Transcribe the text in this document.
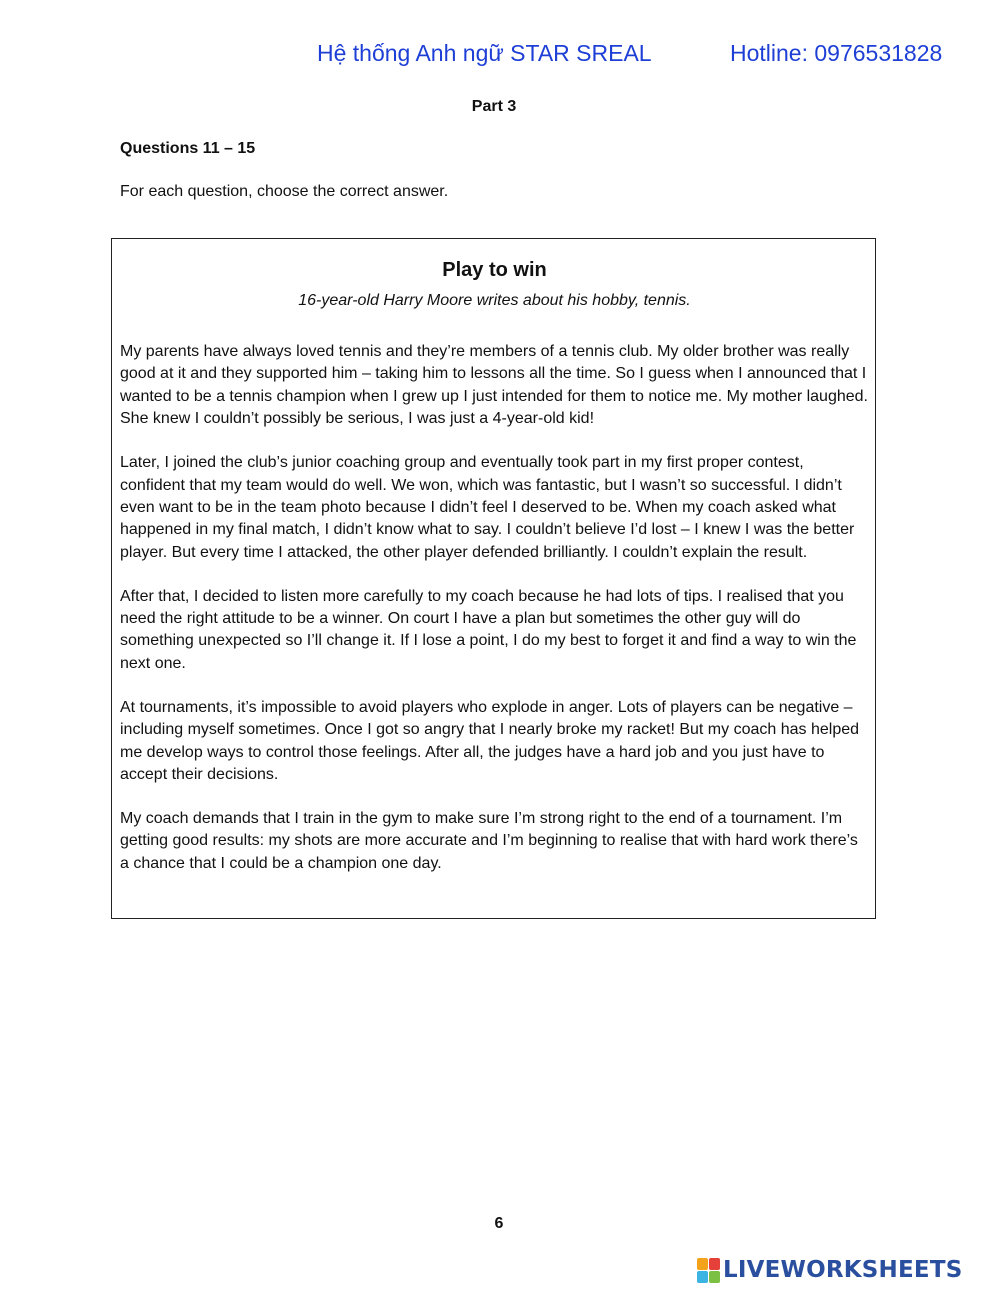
Hệ thống Anh ngữ STAR SREAL	Hotline: 0976531828
Part 3
Questions 11 – 15
For each question, choose the correct answer.
Play to win
16-year-old Harry Moore writes about his hobby, tennis.

My parents have always loved tennis and they’re members of a tennis club. My older brother was really good at it and they supported him – taking him to lessons all the time. So I guess when I announced that I wanted to be a tennis champion when I grew up I just intended for them to notice me. My mother laughed. She knew I couldn’t possibly be serious, I was just a 4-year-old kid!

Later, I joined the club’s junior coaching group and eventually took part in my first proper contest, confident that my team would do well. We won, which was fantastic, but I wasn’t so successful. I didn’t even want to be in the team photo because I didn’t feel I deserved to be. When my coach asked what happened in my final match, I didn’t know what to say. I couldn’t believe I’d lost – I knew I was the better player. But every time I attacked, the other player defended brilliantly. I couldn’t explain the result.

After that, I decided to listen more carefully to my coach because he had lots of tips. I realised that you need the right attitude to be a winner. On court I have a plan but sometimes the other guy will do something unexpected so I’ll change it. If I lose a point, I do my best to forget it and find a way to win the next one.

At tournaments, it’s impossible to avoid players who explode in anger. Lots of players can be negative – including myself sometimes. Once I got so angry that I nearly broke my racket! But my coach has helped me develop ways to control those feelings. After all, the judges have a hard job and you just have to accept their decisions.

My coach demands that I train in the gym to make sure I’m strong right to the end of a tournament. I’m getting good results: my shots are more accurate and I’m beginning to realise that with hard work there’s a chance that I could be a champion one day.

6
LIVEWORKSHEETS
